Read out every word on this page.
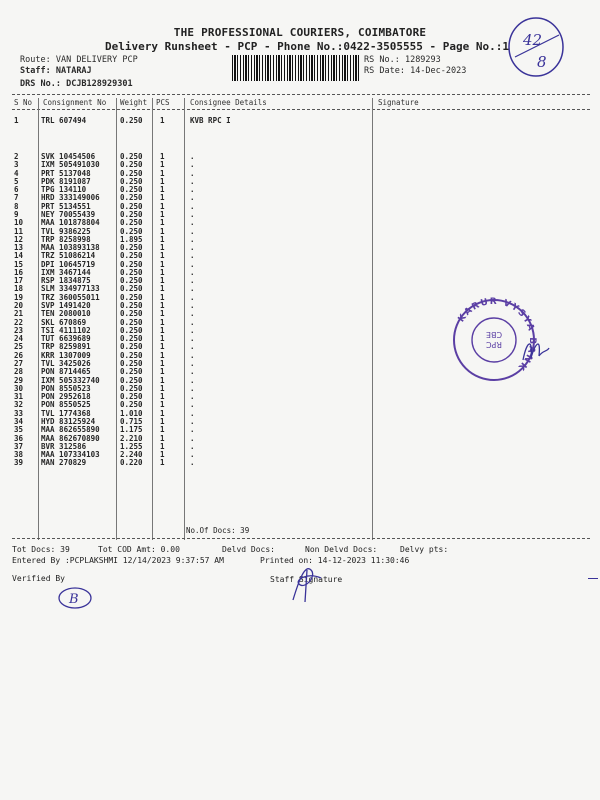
THE PROFESSIONAL COURIERS, COIMBATORE
Delivery Runsheet - PCP - Phone No.:0422-3505555 - Page No.:1
Route: VAN DELIVERY PCP
Staff: NATARAJ
DRS No.: DCJB128929301
RS No.: 1289293
RS Date: 14-Dec-2023
42
8
S No Consignment No Weight PCS	Consignee Details	Signature
1	TRL 607494	0.250 1	KVB RPC I
2	SVK 10454506	0.250 1	.
3	IXM 505491030	0.250 1	.
4	PRT 5137048	0.250 1	.
5	PDK 8191087	0.250 1	.
6	TPG 134110	0.250 1	.
7	HRD 333149006	0.250 1	.
8	PRT 5134551	0.250 1	.
9	NEY 70055439	0.250 1	.
10 MAA 101878804	0.250 1	.
11 TVL 9386225	0.250 1	.
12 TRP 8258998	1.895 1	.
13 MAA 103893138	0.250 1	.
14 TRZ 51086214	0.250 1	.
15 DPI 10645719	0.250 1	.
16 IXM 3467144	0.250 1	.
17 RSP 1834875	0.250 1	.
18 SLM 334977133	0.250 1	.
19 TRZ 360055011	0.250 1	.
20 SVP 1491420	0.250 1	.
21 TEN 2080010	0.250 1	.
22 SKL 670869	0.250 1	.
23 TSI 4111102	0.250 1	.
24 TUT 6639689	0.250 1	.
25 TRP 8259891	0.250 1	.
26 KRR 1307009	0.250 1	.
27 TVL 3425026	0.250 1	.
28 PON 8714465	0.250 1	.
29 IXM 505332740	0.250 1	.
30 PON 8550523	0.250 1	.
31 PON 2952618	0.250 1	.
32 PON 8550525	0.250 1	.
33 TVL 1774368	1.010 1	.
34 HYD 83125924	0.715 1	.
35 MAA 862655890	1.175 1	.
36 MAA 862670890	2.210 1	.
37 BVR 312586	1.255 1	.
38 MAA 107334103	2.240 1	.
39 MAN 270829	0.220 1	.
No.Of Docs: 39
KARUR VYSYA BANK
RPC
CBE
Tot Docs: 39	Tot COD Amt: 0.00	Delvd Docs:	Non Delvd Docs:	Delvy pts:
Entered By :PCPLAKSHMI 12/14/2023 9:37:57 AM	Printed on: 14-12-2023 11:30:46
Verified By	Staff Signature
B
